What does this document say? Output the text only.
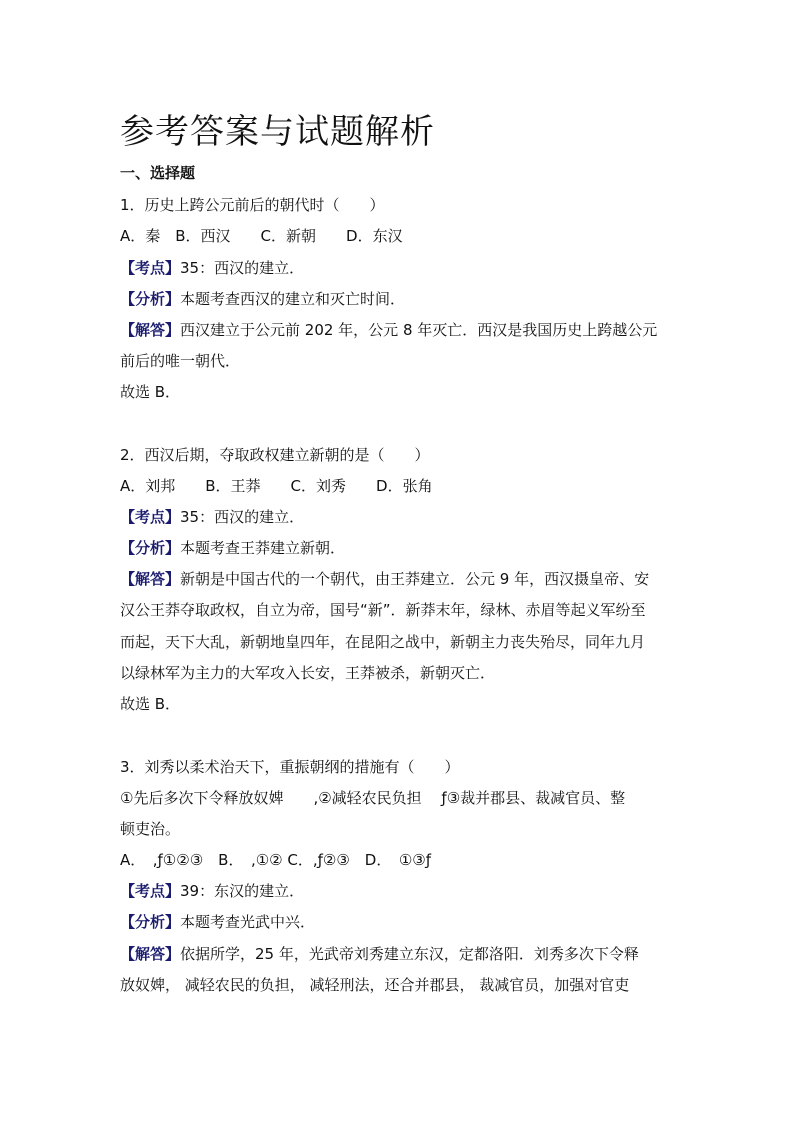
参考答案与试题解析
一、选择题
1．历史上跨公元前后的朝代时（　　）
A．秦　B．西汉　　C．新朝　　D．东汉
【考点】35：西汉的建立．
【分析】本题考查西汉的建立和灭亡时间．
【解答】西汉建立于公元前 202 年，公元 8 年灭亡．西汉是我国历史上跨越公元
前后的唯一朝代．
故选 B．
2．西汉后期，夺取政权建立新朝的是（　　）
A．刘邦　　B．王莽　　C．刘秀　　D．张角
【考点】35：西汉的建立．
【分析】本题考查王莽建立新朝．
【解答】新朝是中国古代的一个朝代，由王莽建立．公元 9 年，西汉摄皇帝、安
汉公王莽夺取政权，自立为帝，国号“新”．新莽末年，绿林、赤眉等起义军纷至
而起，天下大乱，新朝地皇四年，在昆阳之战中，新朝主力丧失殆尽，同年九月
以绿林军为主力的大军攻入长安，王莽被杀，新朝灭亡．
故选 B．
3．刘秀以柔术治天下，重振朝纲的措施有（　　）
①先后多次下令释放奴婢　　,②减轻农民负担　 ƒ③裁并郡县、裁减官员、整
顿吏治。
A．　,ƒ①②③　B．　,①② C．,ƒ②③　D．　①③ƒ
【考点】39：东汉的建立．
【分析】本题考查光武中兴．
【解答】依据所学，25 年，光武帝刘秀建立东汉，定都洛阳．刘秀多次下令释
放奴婢， 减轻农民的负担， 减轻刑法，还合并郡县， 裁减官员，加强对官吏
